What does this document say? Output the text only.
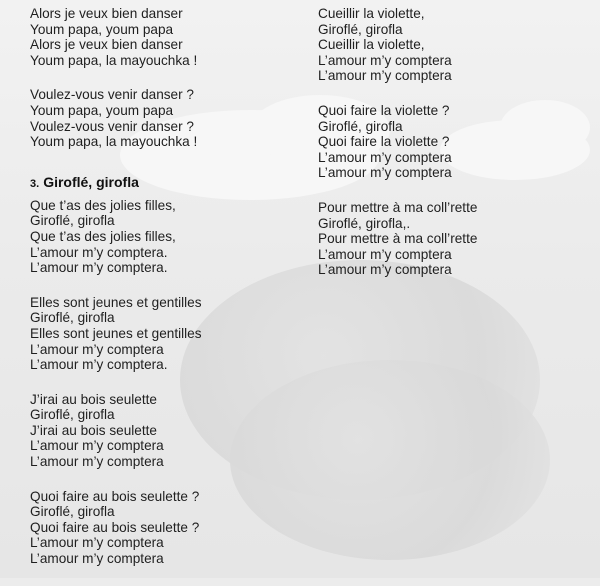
Alors je veux bien danser
Youm papa, youm papa
Alors je veux bien danser
Youm papa, la mayouchka !
Voulez-vous venir danser ?
Youm papa, youm papa
Voulez-vous venir danser ?
Youm papa, la mayouchka !
3. Giroflé, girofla
Que t’as des jolies filles,
Giroflé, girofla
Que t’as des jolies filles,
L’amour m’y comptera.
L’amour m’y comptera.
Elles sont jeunes et gentilles
Giroflé, girofla
Elles sont jeunes et gentilles
L’amour m’y comptera
L’amour m’y comptera.
J’irai au bois seulette
Giroflé, girofla
J’irai au bois seulette
L’amour m’y comptera
L’amour m’y comptera
Quoi faire au bois seulette ?
Giroflé, girofla
Quoi faire au bois seulette ?
L’amour m’y comptera
L’amour m’y comptera
Cueillir la violette,
Giroflé, girofla
Cueillir la violette,
L’amour m’y comptera
L’amour m’y comptera
Quoi faire la violette ?
Giroflé, girofla
Quoi faire la violette ?
L’amour m’y comptera
L’amour m’y comptera
Pour mettre à ma coll’rette
Giroflé, girofla,.
Pour mettre à ma coll’rette
L’amour m’y comptera
L’amour m’y comptera
